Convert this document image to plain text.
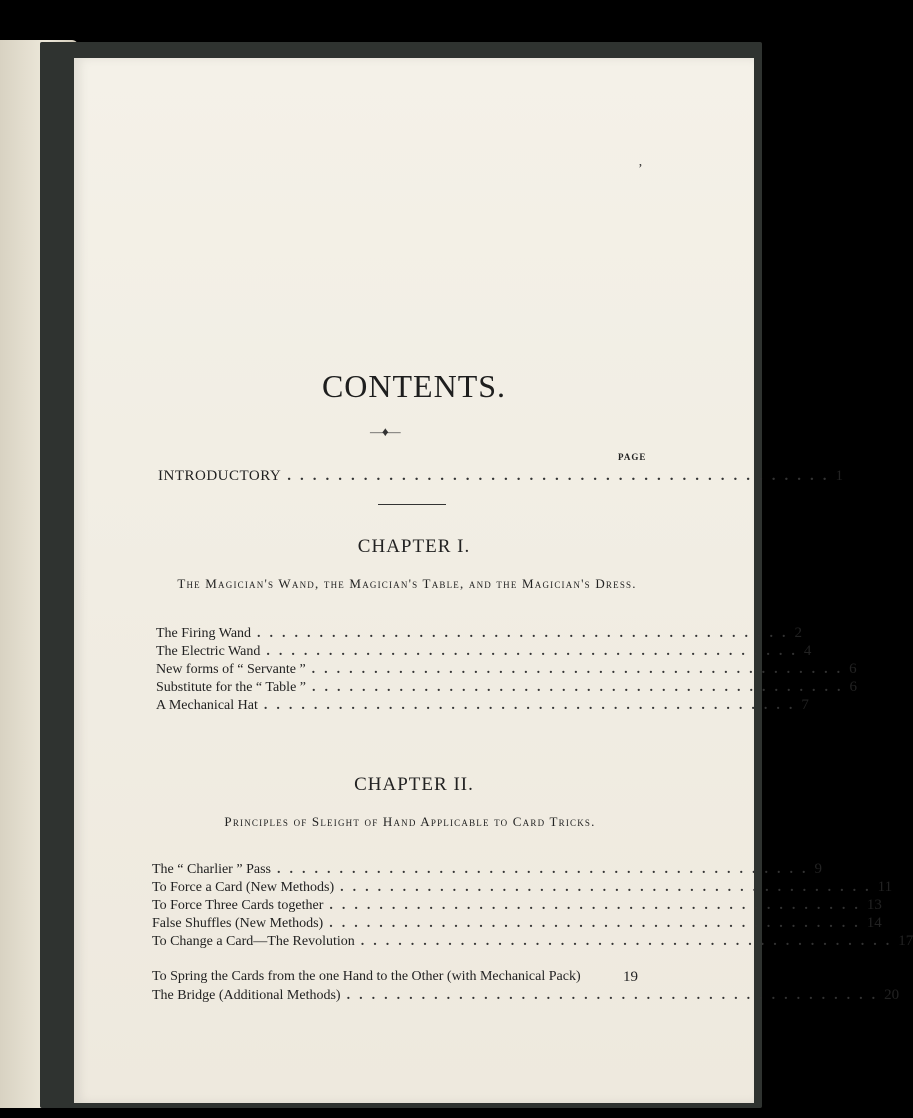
’
CONTENTS.
—♦—
PAGE
INTRODUCTORY ........................................... 1
CHAPTER I.
The Magician's Wand, the Magician's Table, and the Magician's Dress.
The Firing Wand ........................................... 2
The Electric Wand ........................................... 4
New forms of “ Servante ” ........................................... 6
Substitute for the “ Table ” ........................................... 6
A Mechanical Hat ........................................... 7
CHAPTER II.
Principles of Sleight of Hand Applicable to Card Tricks.
The “ Charlier ” Pass ........................................... 9
To Force a Card (New Methods) ........................................... 11
To Force Three Cards together ........................................... 13
False Shuffles (New Methods) ........................................... 14
To Change a Card—The Revolution ........................................... 17
To Spring the Cards from the one Hand to the Other (with Mechanical Pack)	19
The Bridge (Additional Methods) ........................................... 20
